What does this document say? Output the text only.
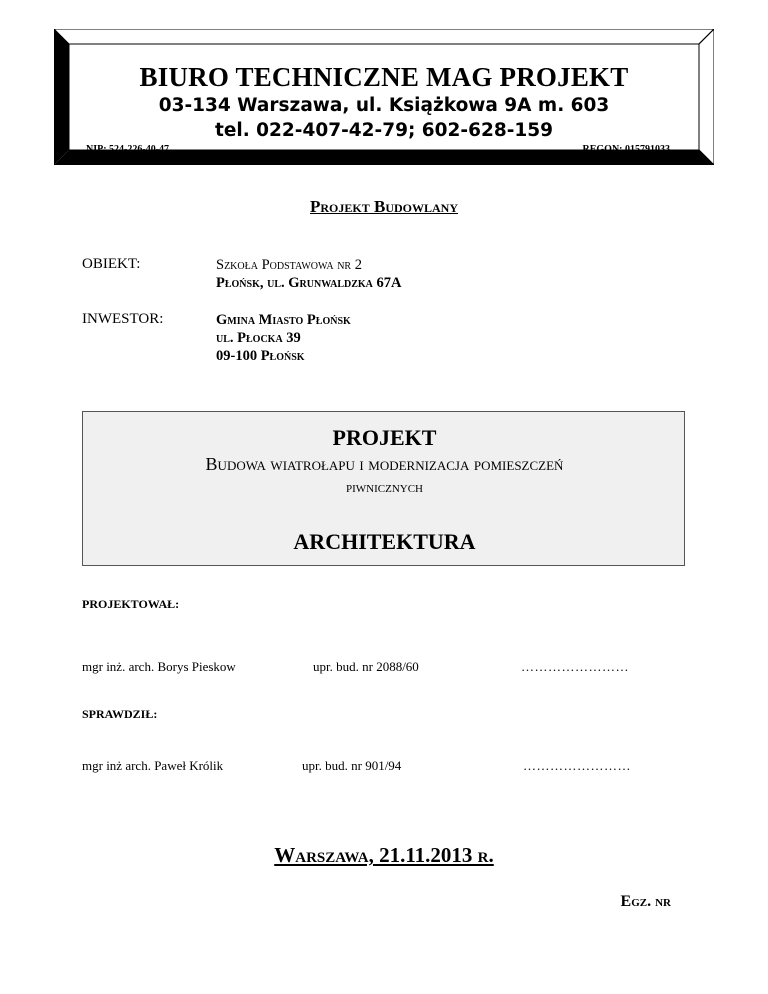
BIURO TECHNICZNE MAG PROJEKT
03-134 Warszawa, ul. Książkowa 9A m. 603
tel. 022-407-42-79; 602-628-159
NIP: 524-226-40-47	REGON: 015791033
Projekt Budowlany
OBIEKT:	Szkoła Podstawowa nr 2
Płońsk, ul. Grunwaldzka 67A
INWESTOR:	Gmina Miasto Płońsk
ul. Płocka 39
09-100 Płońsk
PROJEKT
Budowa wiatrołapu i modernizacja pomieszczeń
piwnicznych
ARCHITEKTURA
PROJEKTOWAŁ:
mgr inż. arch. Borys Pieskow	upr. bud. nr 2088/60	……………………
SPRAWDZIŁ:
mgr inż arch. Paweł Królik	upr. bud. nr 901/94	……………………
Warszawa, 21.11.2013 r.
Egz. nr
